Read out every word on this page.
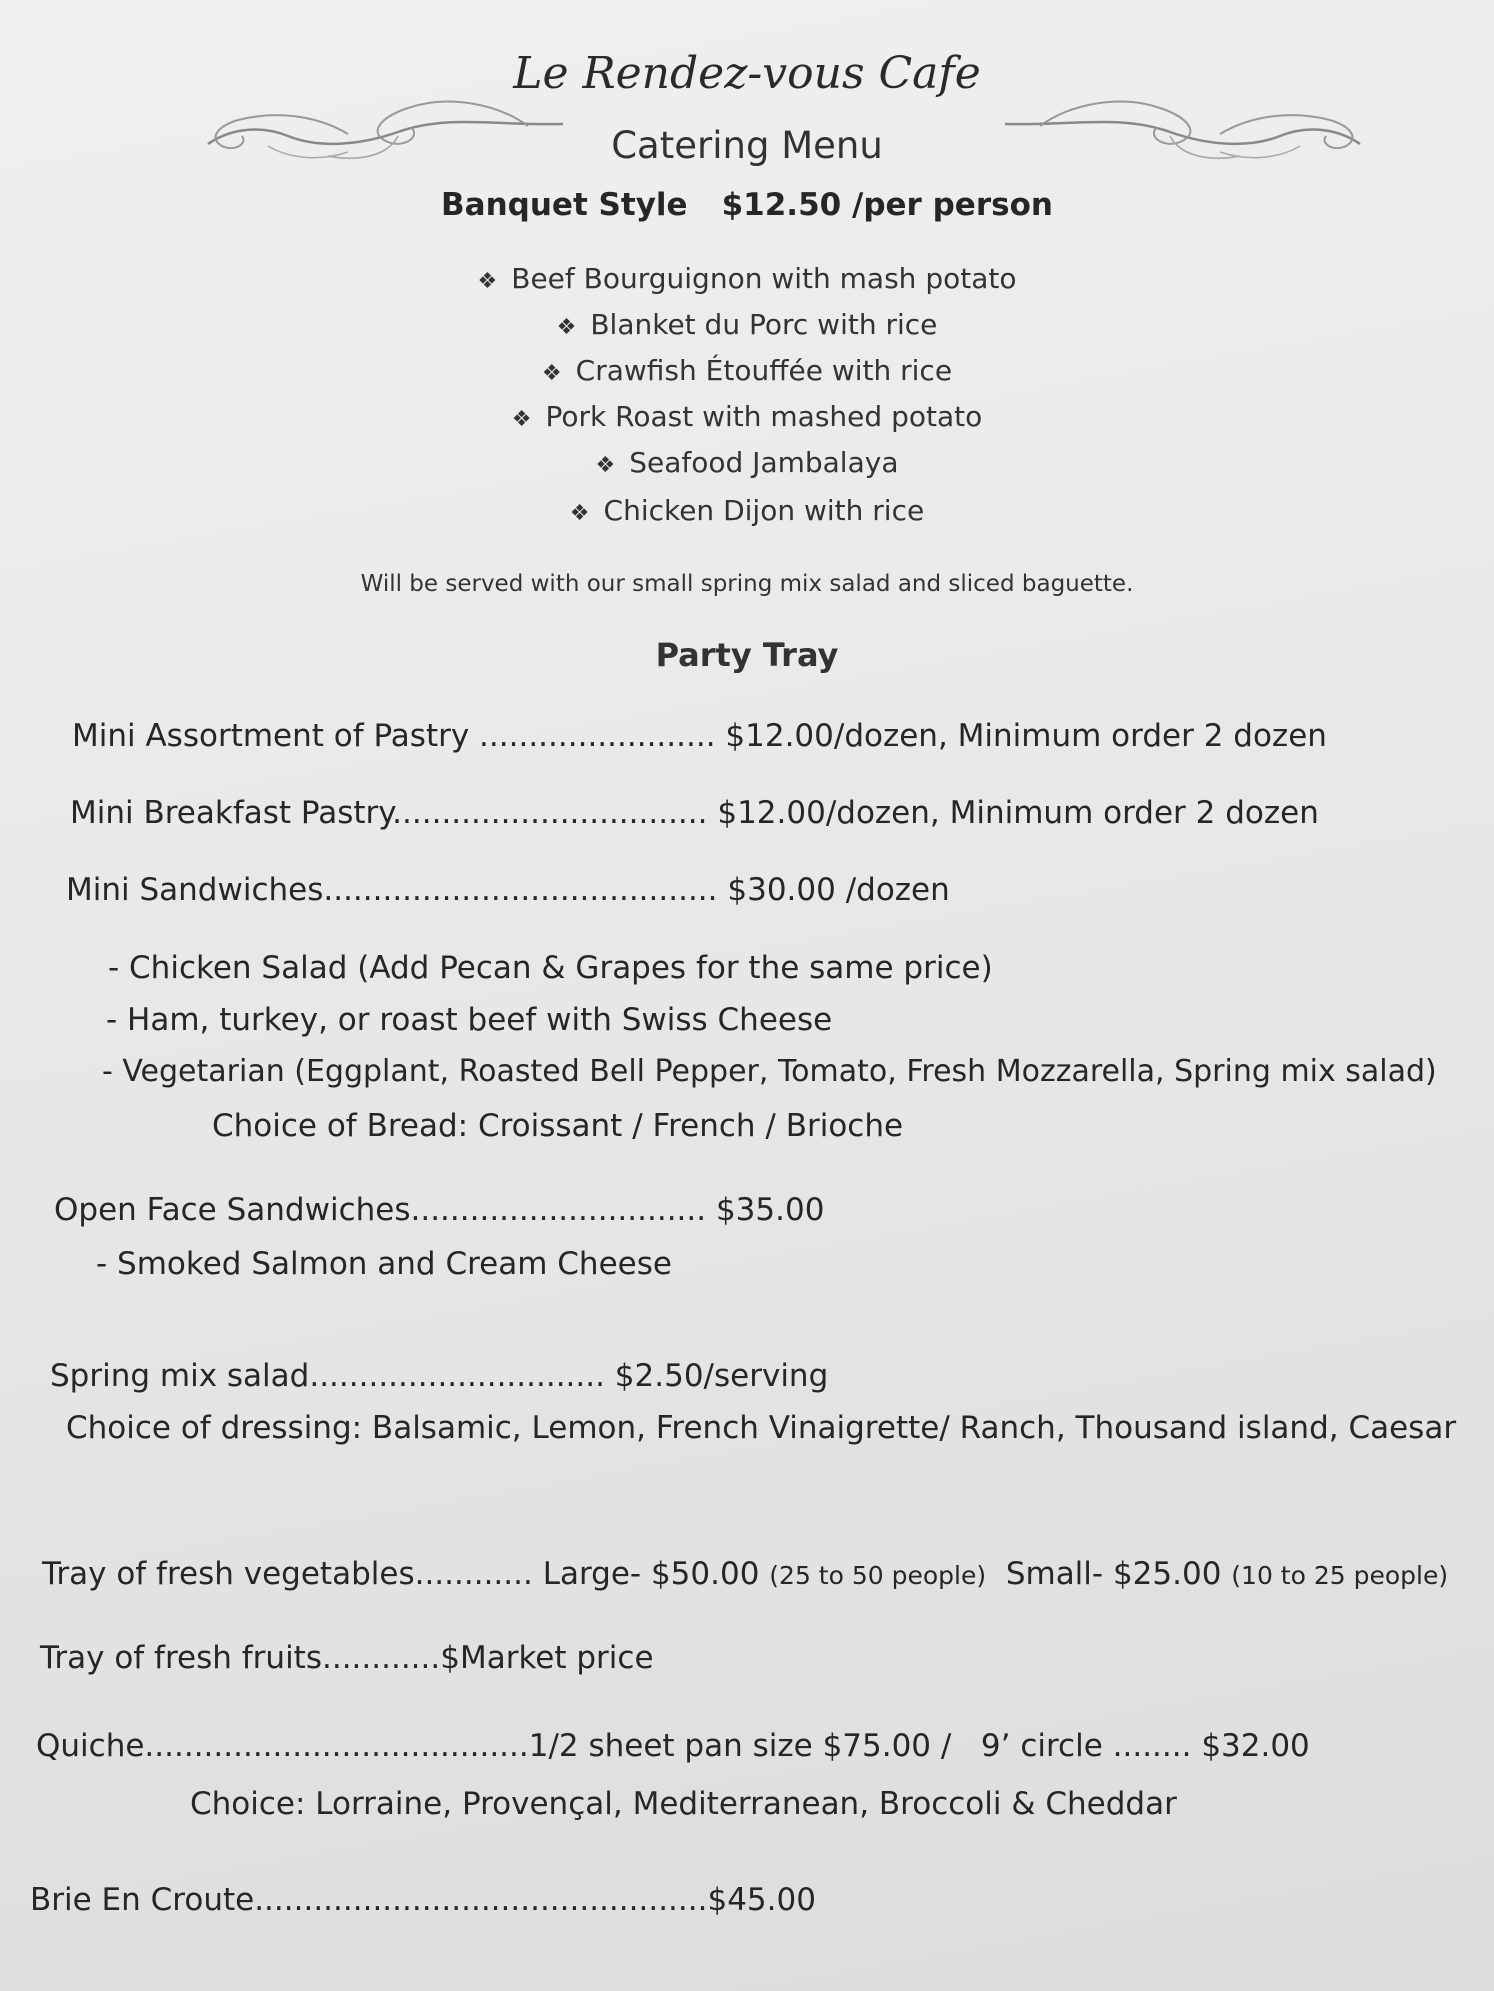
Le Rendez-vous Cafe
Catering Menu
Banquet Style $12.50 /per person
❖ Beef Bourguignon with mash potato
❖ Blanket du Porc with rice
❖ Crawfish Étouffée with rice
❖ Pork Roast with mashed potato
❖ Seafood Jambalaya
❖ Chicken Dijon with rice
Will be served with our small spring mix salad and sliced baguette.
Party Tray
Mini Assortment of Pastry ........................ $12.00/dozen, Minimum order 2 dozen
Mini Breakfast Pastry................................ $12.00/dozen, Minimum order 2 dozen
Mini Sandwiches........................................ $30.00 /dozen
- Chicken Salad (Add Pecan & Grapes for the same price)
- Ham, turkey, or roast beef with Swiss Cheese
- Vegetarian (Eggplant, Roasted Bell Pepper, Tomato, Fresh Mozzarella, Spring mix salad)
Choice of Bread: Croissant / French / Brioche
Open Face Sandwiches.............................. $35.00
- Smoked Salmon and Cream Cheese
Spring mix salad.............................. $2.50/serving
Choice of dressing: Balsamic, Lemon, French Vinaigrette/ Ranch, Thousand island, Caesar
Tray of fresh vegetables............ Large- $50.00 (25 to 50 people) Small- $25.00 (10 to 25 people)
Tray of fresh fruits............$Market price
Quiche.......................................1/2 sheet pan size $75.00 /   9’ circle ........ $32.00
Choice: Lorraine, Provençal, Mediterranean, Broccoli & Cheddar
Brie En Croute..............................................$45.00
